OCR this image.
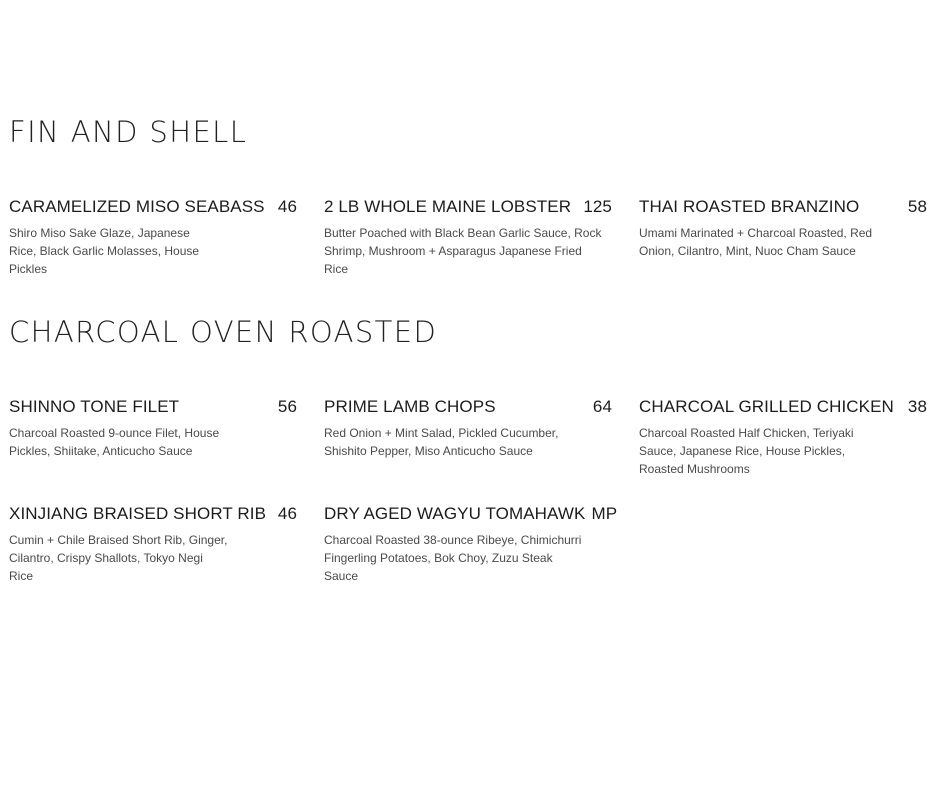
FIN AND SHELL
CARAMELIZED MISO SEABASS 46
Shiro Miso Sake Glaze, Japanese Rice, Black Garlic Molasses, House Pickles
2 LB WHOLE MAINE LOBSTER 125
Butter Poached with Black Bean Garlic Sauce, Rock Shrimp, Mushroom + Asparagus Japanese Fried Rice
THAI ROASTED BRANZINO	58
Umami Marinated + Charcoal Roasted, Red Onion, Cilantro, Mint, Nuoc Cham Sauce
CHARCOAL OVEN ROASTED
SHINNO TONE FILET	56
Charcoal Roasted 9-ounce Filet, House Pickles, Shiitake, Anticucho Sauce
PRIME LAMB CHOPS	64
Red Onion + Mint Salad, Pickled Cucumber, Shishito Pepper, Miso Anticucho Sauce
CHARCOAL GRILLED CHICKEN 38
Charcoal Roasted Half Chicken, Teriyaki Sauce, Japanese Rice, House Pickles, Roasted Mushrooms
XINJIANG BRAISED SHORT RIB 46
Cumin + Chile Braised Short Rib, Ginger, Cilantro, Crispy Shallots, Tokyo Negi Rice
DRY AGED WAGYU TOMAHAWK MP
Charcoal Roasted 38-ounce Ribeye, Chimichurri Fingerling Potatoes, Bok Choy, Zuzu Steak Sauce
